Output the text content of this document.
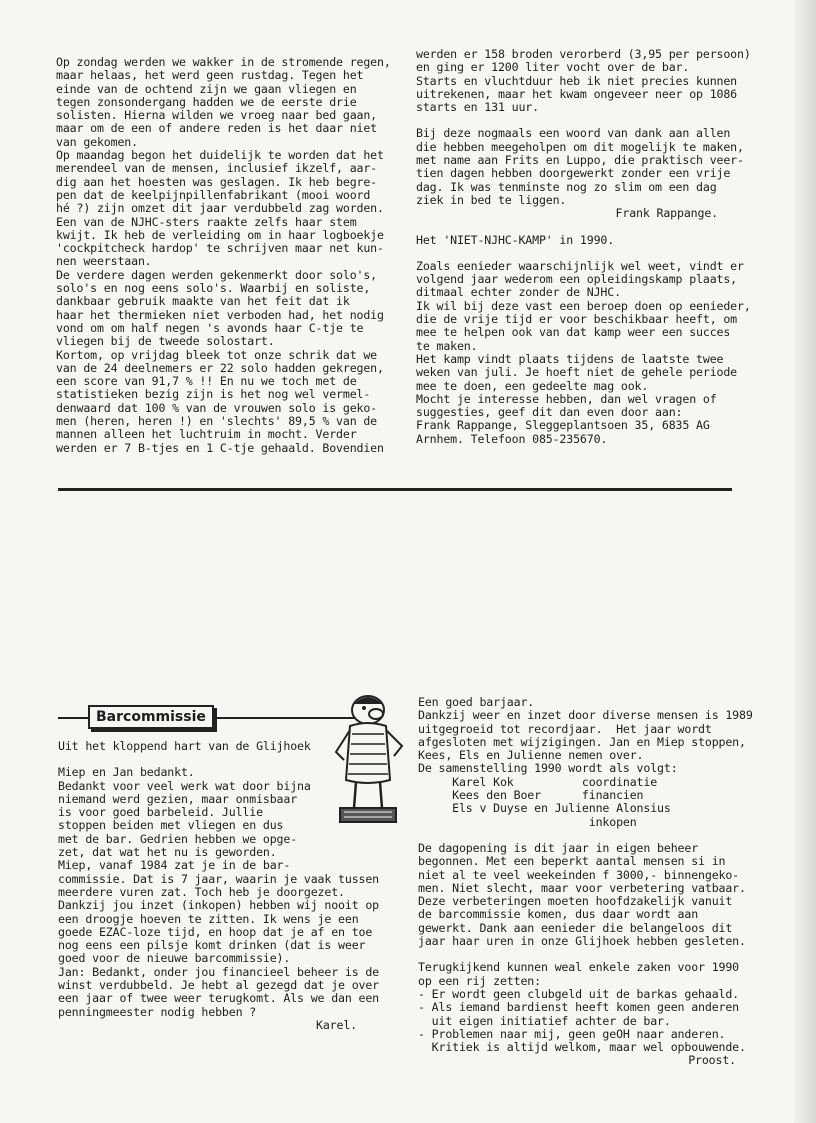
Op zondag werden we wakker in de stromende regen,
maar helaas, het werd geen rustdag. Tegen het
einde van de ochtend zijn we gaan vliegen en
tegen zonsondergang hadden we de eerste drie
solisten. Hierna wilden we vroeg naar bed gaan,
maar om de een of andere reden is het daar niet
van gekomen.

Op maandag begon het duidelijk te worden dat het
merendeel van de mensen, inclusief ikzelf, aar-
dig aan het hoesten was geslagen. Ik heb begre-
pen dat de keelpijnpillenfabrikant (mooi woord
hé ?) zijn omzet dit jaar verdubbeld zag worden.
Een van de NJHC-sters raakte zelfs haar stem
kwijt. Ik heb de verleiding om in haar logboekje
'cockpitcheck hardop' te schrijven maar net kun-
nen weerstaan.

De verdere dagen werden gekenmerkt door solo's,
solo's en nog eens solo's. Waarbij en soliste,
dankbaar gebruik maakte van het feit dat ik
haar het thermieken niet verboden had, het nodig
vond om om half negen 's avonds haar C-tje te
vliegen bij de tweede solostart.

Kortom, op vrijdag bleek tot onze schrik dat we
van de 24 deelnemers er 22 solo hadden gekregen,
een score van 91,7 % !! En nu we toch met de
statistieken bezig zijn is het nog wel vermel-
denwaard dat 100 % van de vrouwen solo is geko-
men (heren, heren !) en 'slechts' 89,5 % van de
mannen alleen het luchtruim in mocht. Verder
werden er 7 B-tjes en 1 C-tje gehaald. Bovendien

werden er 158 broden verorberd (3,95 per persoon)
en ging er 1200 liter vocht over de bar.
Starts en vluchtduur heb ik niet precies kunnen
uitrekenen, maar het kwam ongeveer neer op 1086
starts en 131 uur.

Bij deze nogmaals een woord van dank aan allen
die hebben meegeholpen om dit mogelijk te maken,
met name aan Frits en Luppo, die praktisch veer-
tien dagen hebben doorgewerkt zonder een vrije
dag. Ik was tenminste nog zo slim om een dag
ziek in bed te liggen.

Frank Rappange.

Het 'NIET-NJHC-KAMP' in 1990.

Zoals eenieder waarschijnlijk wel weet, vindt er
volgend jaar wederom een opleidingskamp plaats,
ditmaal echter zonder de NJHC.

Ik wil bij deze vast een beroep doen op eenieder,
die de vrije tijd er voor beschikbaar heeft, om
mee te helpen ook van dat kamp weer een succes
te maken.

Het kamp vindt plaats tijdens de laatste twee
weken van juli. Je hoeft niet de gehele periode
mee te doen, een gedeelte mag ook.

Mocht je interesse hebben, dan wel vragen of
suggesties, geef dit dan even door aan:
Frank Rappange, Sleggeplantsoen 35, 6835 AG
Arnhem. Telefoon 085-235670.

Barcommissie

Uit het kloppend hart van de Glijhoek

Miep en Jan bedankt.
Bedankt voor veel werk wat door bijna
niemand werd gezien, maar onmisbaar
is voor goed barbeleid. Jullie
stoppen beiden met vliegen en dus
met de bar. Gedrien hebben we opge-
zet, dat wat het nu is geworden.

Miep, vanaf 1984 zat je in de bar-
commissie. Dat is 7 jaar, waarin je vaak tussen
meerdere vuren zat. Toch heb je doorgezet.
Dankzij jou inzet (inkopen) hebben wij nooit op
een droogje hoeven te zitten. Ik wens je een
goede EZAC-loze tijd, en hoop dat je af en toe
nog eens een pilsje komt drinken (dat is weer
goed voor de nieuwe barcommissie).

Jan: Bedankt, onder jou financieel beheer is de
winst verdubbeld. Je hebt al gezegd dat je over
een jaar of twee weer terugkomt. Als we dan een
penningmeester nodig hebben ?

Karel.

Een goed barjaar.
Dankzij weer en inzet door diverse mensen is 1989
uitgegroeid tot recordjaar.  Het jaar wordt
afgesloten met wijzigingen. Jan en Miep stoppen,
Kees, Els en Julienne nemen over.
De samenstelling 1990 wordt als volgt:
Karel Kok          coordinatie
Kees den Boer      financien
Els v Duyse en Julienne Alonsius
inkopen

De dagopening is dit jaar in eigen beheer
begonnen. Met een beperkt aantal mensen si in
niet al te veel weekeinden f 3000,- binnengeko-
men. Niet slecht, maar voor verbetering vatbaar.
Deze verbeteringen moeten hoofdzakelijk vanuit
de barcommissie komen, dus daar wordt aan
gewerkt. Dank aan eenieder die belangeloos dit
jaar haar uren in onze Glijhoek hebben gesleten.

Terugkijkend kunnen weal enkele zaken voor 1990
op een rij zetten:
- Er wordt geen clubgeld uit de barkas gehaald.
- Als iemand bardienst heeft komen geen anderen
uit eigen initiatief achter de bar.
- Problemen naar mij, geen geOH naar anderen.
Kritiek is altijd welkom, maar wel opbouwende.

Proost.
